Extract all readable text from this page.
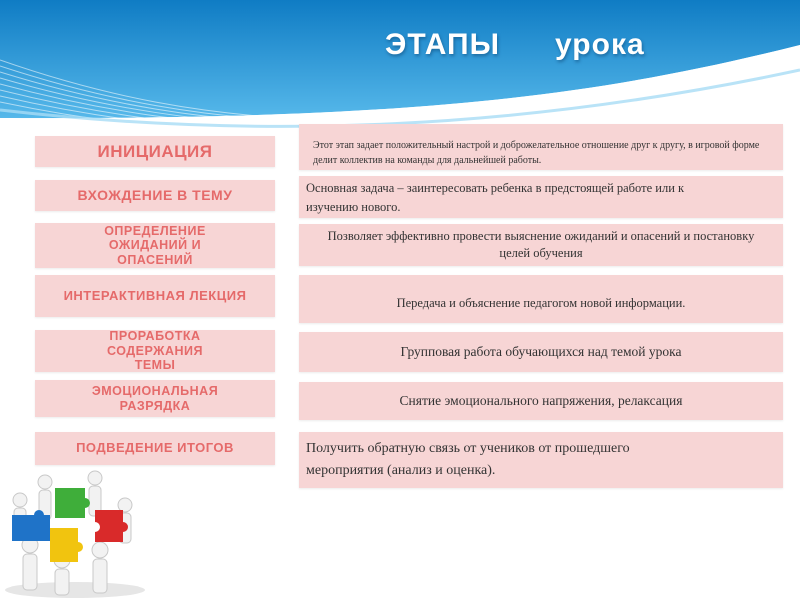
ЭТАПЫ урока
ИНИЦИАЦИЯ
ВХОЖДЕНИЕ В ТЕМУ
ОПРЕДЕЛЕНИЕ ОЖИДАНИЙ И ОПАСЕНИЙ
ИНТЕРАКТИВНАЯ ЛЕКЦИЯ
ПРОРАБОТКА СОДЕРЖАНИЯ ТЕМЫ
ЭМОЦИОНАЛЬНАЯ РАЗРЯДКА
ПОДВЕДЕНИЕ ИТОГОВ
Этот этап задает положительный настрой и доброжелательное отношение друг к другу, в игровой форме делит коллектив на команды для дальнейшей работы.
Основная задача – заинтересовать ребенка в предстоящей работе или к изучению нового.
Позволяет эффективно провести выяснение ожиданий и опасений и постановку целей обучения
Передача и объяснение педагогом новой информации.
Групповая работа обучающихся над темой урока
Снятие эмоционального напряжения, релаксация
Получить обратную связь от учеников от прошедшего мероприятия (анализ и оценка).
